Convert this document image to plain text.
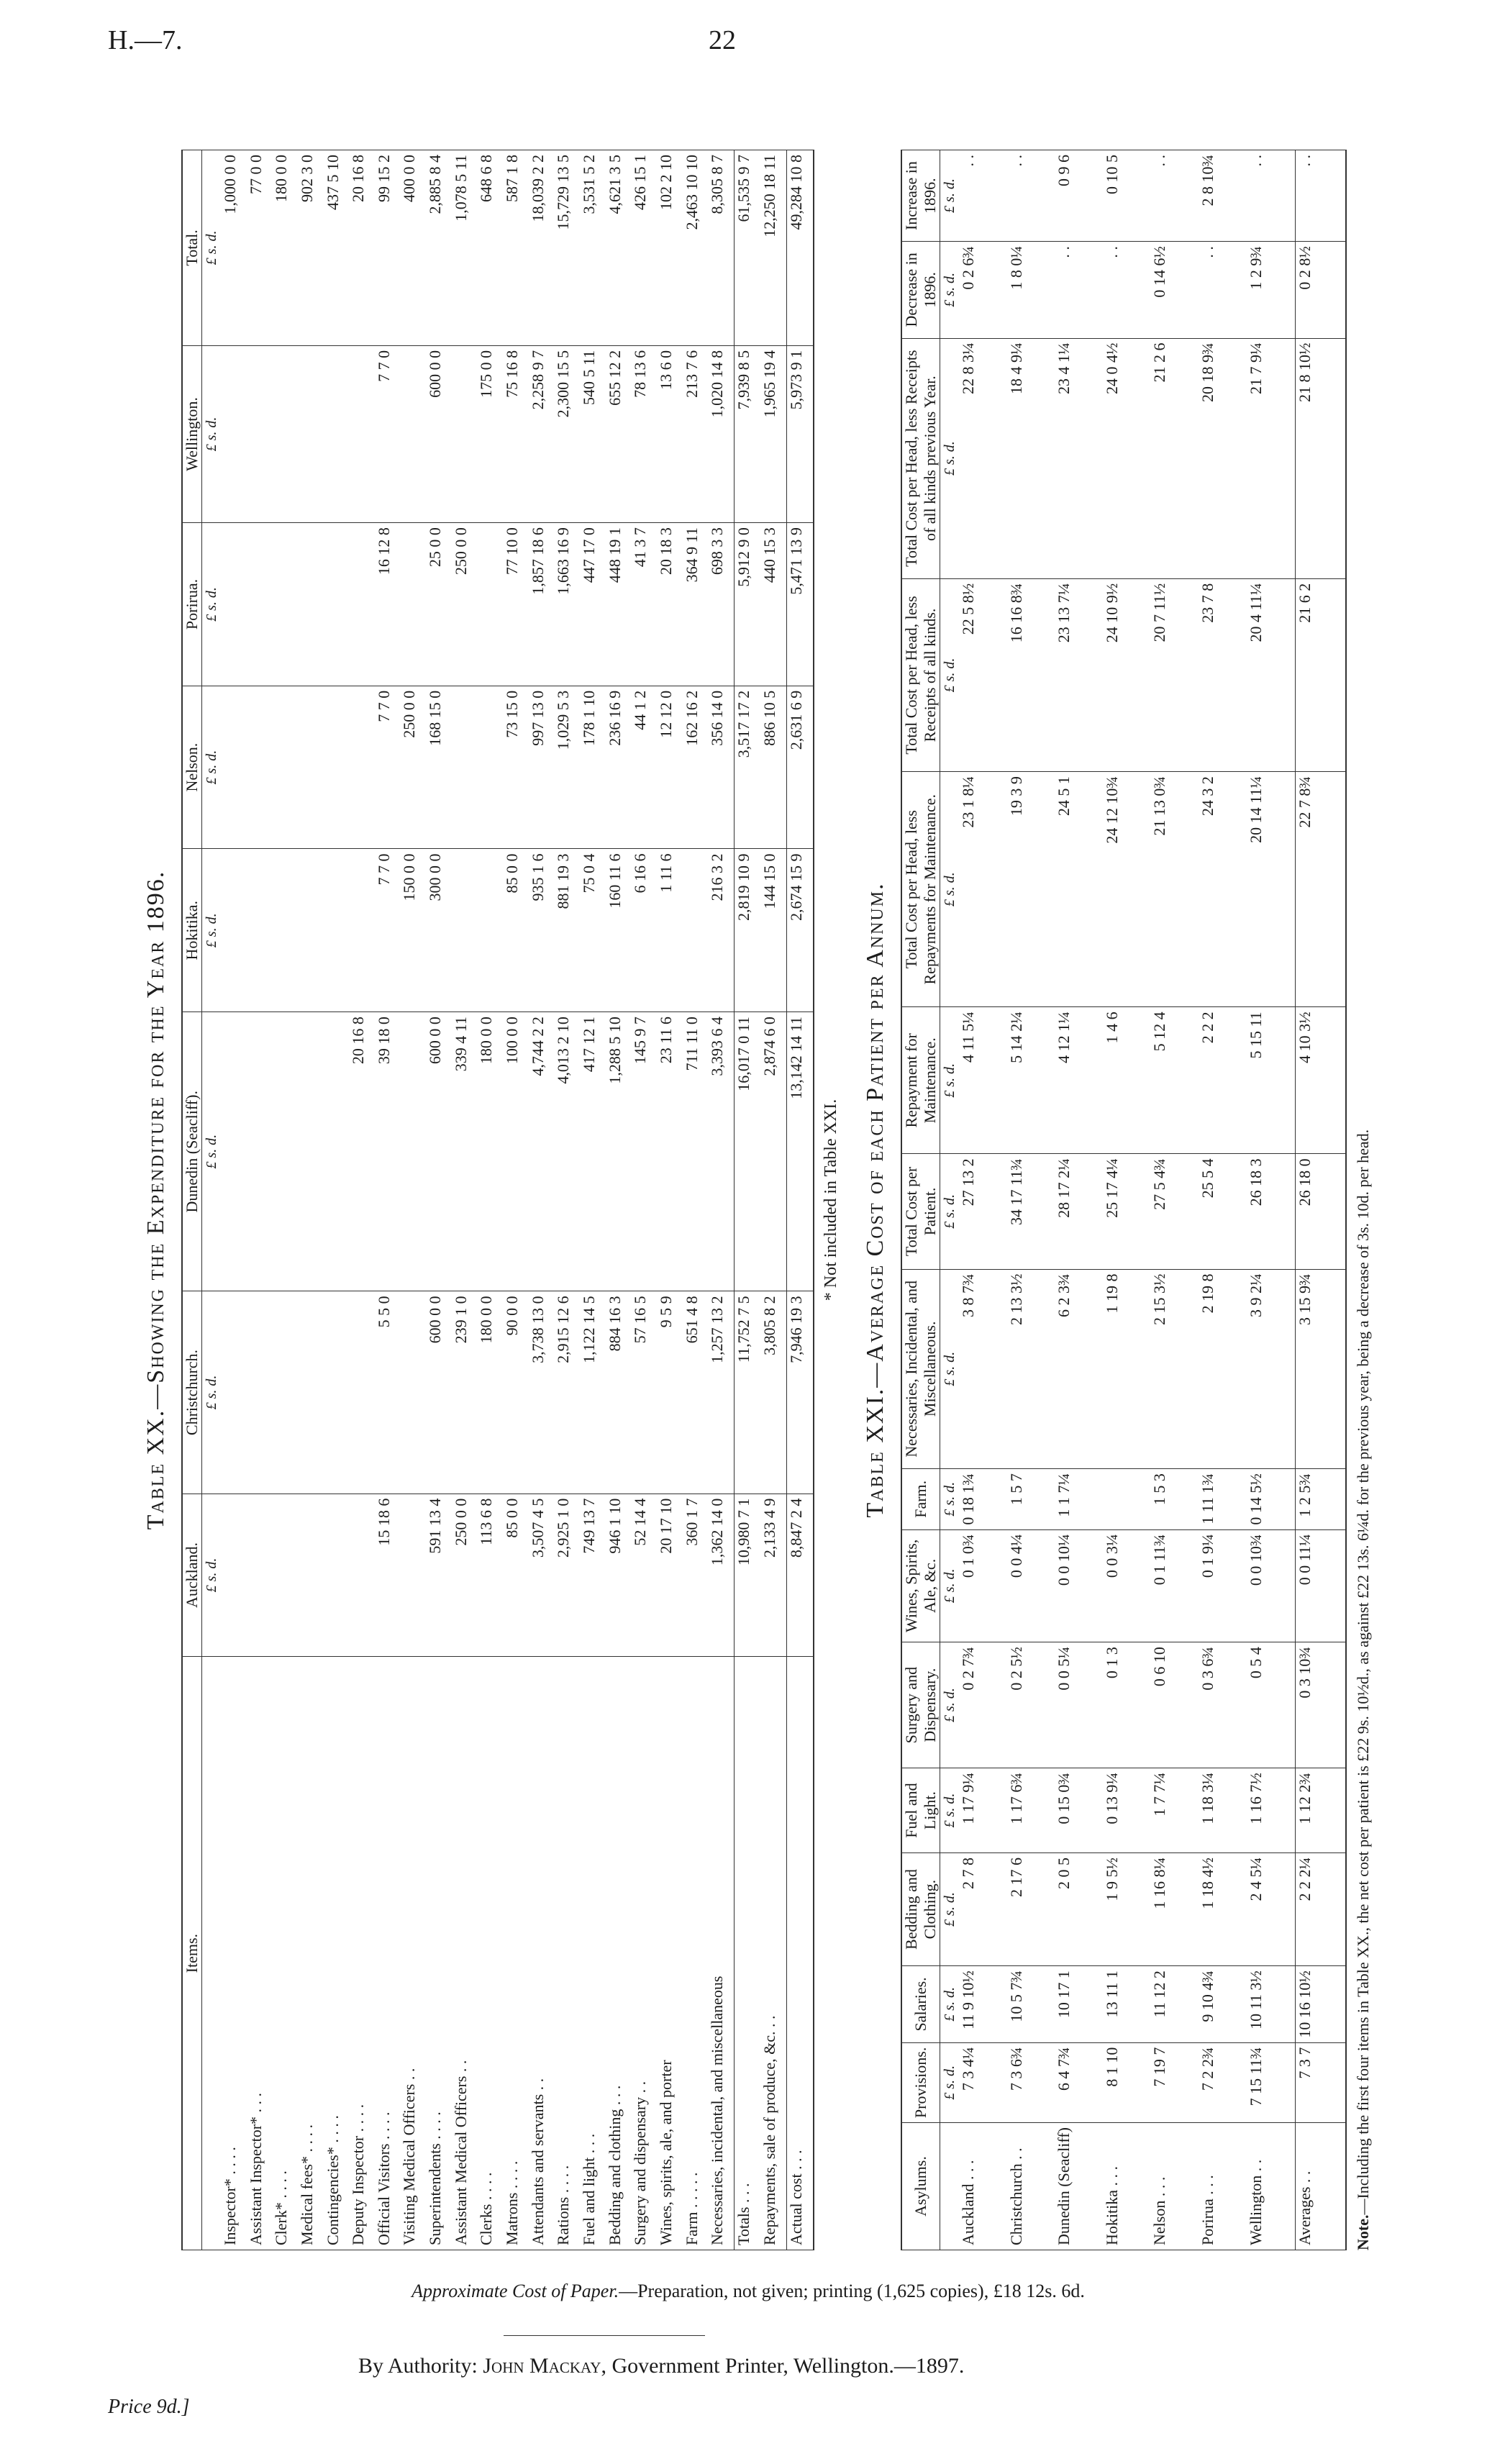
H.—7.	22
Table XX.—Showing the Expenditure for the Year 1896.
Items.	Auckland.	Christchurch.	Dunedin (Seacliff).	Hokitika.	Nelson.	Porirua.	Wellington.	Total.
	£ s. d.	£ s. d.	£ s. d.	£ s. d.	£ s. d.	£ s. d.	£ s. d.	£ s. d.
Inspector* . . . .								1,000 0 0
Assistant Inspector* . . .								77 0 0
Clerk* . . . .								180 0 0
Medical fees* . . . .								902 3 0
Contingencies* . . . .								437 5 10
Deputy Inspector . . . .			20 16 8					20 16 8
Official Visitors . . . .	15 18 6	5 5 0	39 18 0	7 7 0	7 7 0	16 12 8	7 7 0	99 15 2
Visiting Medical Officers . .				150 0 0	250 0 0			400 0 0
Superintendents . . . .	591 13 4	600 0 0	600 0 0	300 0 0	168 15 0	25 0 0	600 0 0	2,885 8 4
Assistant Medical Officers . .	250 0 0	239 1 0	339 4 11			250 0 0		1,078 5 11
Clerks . . . .	113 6 8	180 0 0	180 0 0				175 0 0	648 6 8
Matrons . . . .	85 0 0	90 0 0	100 0 0	85 0 0	73 15 0	77 10 0	75 16 8	587 1 8
Attendants and servants . .	3,507 4 5	3,738 13 0	4,744 2 2	935 1 6	997 13 0	1,857 18 6	2,258 9 7	18,039 2 2
Rations . . . .	2,925 1 0	2,915 12 6	4,013 2 10	881 19 3	1,029 5 3	1,663 16 9	2,300 15 5	15,729 13 5
Fuel and light . . .	749 13 7	1,122 14 5	417 12 1	75 0 4	178 1 10	447 17 0	540 5 11	3,531 5 2
Bedding and clothing . . .	946 1 10	884 16 3	1,288 5 10	160 11 6	236 16 9	448 19 1	655 12 2	4,621 3 5
Surgery and dispensary . .	52 14 4	57 16 5	145 9 7	6 16 6	44 1 2	41 3 7	78 13 6	426 15 1
Wines, spirits, ale, and porter	20 17 10	9 5 9	23 11 6	1 11 6	12 12 0	20 18 3	13 6 0	102 2 10
Farm . . . . .	360 1 7	651 4 8	711 11 0		162 16 2	364 9 11	213 7 6	2,463 10 10
Necessaries, incidental, and miscellaneous	1,362 14 0	1,257 13 2	3,393 6 4	216 3 2	356 14 0	698 3 3	1,020 14 8	8,305 8 7
Totals . . .	10,980 7 1	11,752 7 5	16,017 0 11	2,819 10 9	3,517 17 2	5,912 9 0	7,939 8 5	61,535 9 7
Repayments, sale of produce, &c. . .	2,133 4 9	3,805 8 2	2,874 6 0	144 15 0	886 10 5	440 15 3	1,965 19 4	12,250 18 11
Actual cost . . .	8,847 2 4	7,946 19 3	13,142 14 11	2,674 15 9	2,631 6 9	5,471 13 9	5,973 9 1	49,284 10 8
* Not included in Table XXI.
Table XXI.—Average Cost of each Patient per Annum.
Asylums.	Provisions.	Salaries.	Bedding and Clothing.	Fuel and Light.	Surgery and Dispensary.	Wines, Spirits, Ale, &c.	Farm.	Necessaries, Incidental, and Miscellaneous.	Total Cost per Patient.	Repayment for Maintenance.	Total Cost per Head, less Repayments for Maintenance.	Total Cost per Head, less Receipts of all kinds.	Total Cost per Head, less Receipts of all kinds previous Year.	Decrease in 1896.	Increase in 1896.
	£ s. d.	£ s. d.	£ s. d.	£ s. d.	£ s. d.	£ s. d.	£ s. d.	£ s. d.	£ s. d.	£ s. d.	£ s. d.	£ s. d.	£ s. d.	£ s. d.	£ s. d.
Auckland . . .	7 3 4¼	11 9 10½	2 7 8	1 17 9¼	0 2 7¾	0 1 0¾	0 18 1¾	3 8 7¾	27 13 2	4 11 5¼	23 1 8¼	22 5 8½	22 8 3¼	0 2 6¾	. .
Christchurch . .	7 3 6¾	10 5 7¾	2 17 6	1 17 6¾	0 2 5½	0 0 4¼	1 5 7	2 13 3½	34 17 11¾	5 14 2¼	19 3 9	16 16 8¾	18 4 9¼	1 8 0¼	. .
Dunedin (Seacliff)	6 4 7¾	10 17 1	2 0 5	0 15 0¾	0 0 5¼	0 0 10¼	1 1 7¼	6 2 3¾	28 17 2¼	4 12 1¼	24 5 1	23 13 7¼	23 4 1¼	. .	0 9 6
Hokitika . . .	8 1 10	13 11 1	1 9 5½	0 13 9¼	0 1 3	0 0 3¼		1 19 8	25 17 4¼	1 4 6	24 12 10¾	24 10 9½	24 0 4½	. .	0 10 5
Nelson . . .	7 19 7	11 12 2	1 16 8¼	1 7 7¼	0 6 10	0 1 11¾	1 5 3	2 15 3½	27 5 4¾	5 12 4	21 13 0¾	20 7 11½	21 2 6	0 14 6½	. .
Porirua . . .	7 2 2¾	9 10 4¾	1 18 4½	1 18 3¼	0 3 6¾	0 1 9¼	1 11 1¾	2 19 8	25 5 4	2 2 2	24 3 2	23 7 8	20 18 9¾	. .	2 8 10¾
Wellington . .	7 15 11¾	10 11 3½	2 4 5¼	1 16 7½	0 5 4	0 0 10¾	0 14 5½	3 9 2¼	26 18 3	5 15 11	20 14 11¼	20 4 11¼	21 7 9¼	1 2 9¾	. .
Averages . .	7 3 7	10 16 10½	2 2 2¼	1 12 2¾	0 3 10¾	0 0 11¼	1 2 5¾	3 15 9¾	26 18 0	4 10 3½	22 7 8¾	21 6 2	21 8 10½	0 2 8½	. .
Note.—Including the first four items in Table XX., the net cost per patient is £22 9s. 10½d., as against £22 13s. 6¼d. for the previous year, being a decrease of 3s. 10d. per head.
Approximate Cost of Paper.—Preparation, not given; printing (1,625 copies), £18 12s. 6d.
By Authority: John Mackay, Government Printer, Wellington.—1897.
Price 9d.]
